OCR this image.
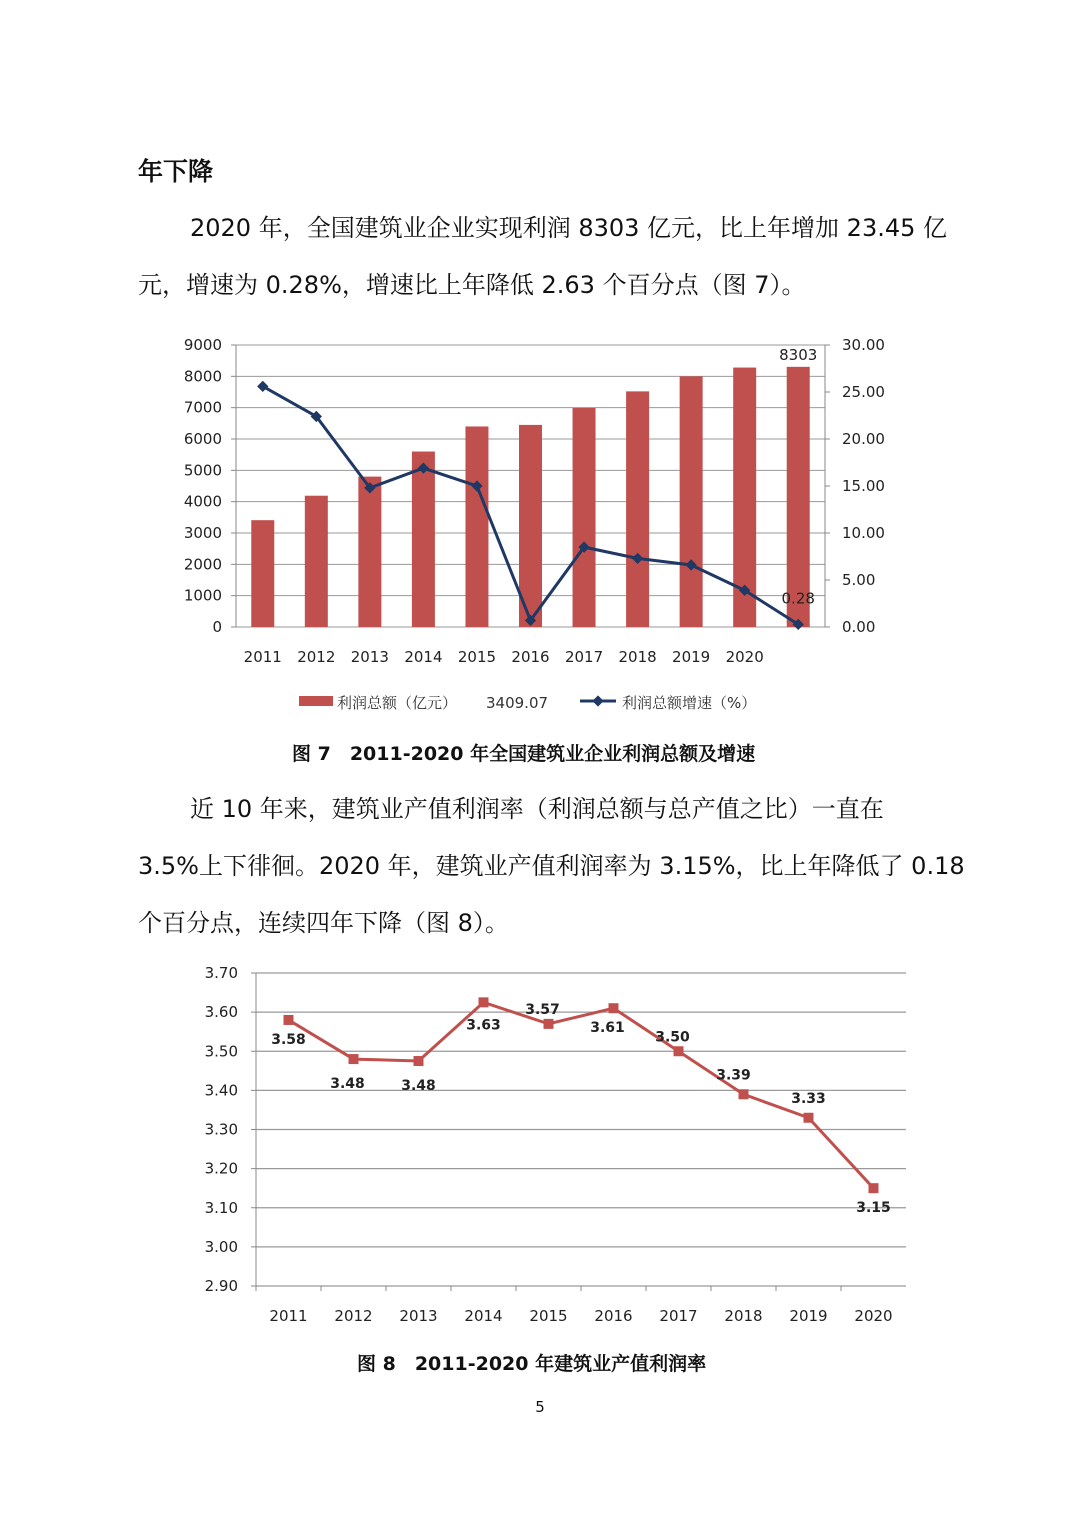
年下降
2020 年，全国建筑业企业实现利润 8303 亿元，比上年增加 23.45 亿
元，增速为 0.28%，增速比上年降低 2.63 个百分点（图 7）。
0
1000
2000
3000
4000
5000
6000
7000
8000
9000
0.00
5.00
10.00
15.00
20.00
25.00
30.00
2011 2012 2013 2014 2015 2016 2017 2018 2019 2020
8303
0.28
利润总额（亿元） 3409.07	利润总额增速（%）
图 7　2011-2020 年全国建筑业企业利润总额及增速
近 10 年来，建筑业产值利润率（利润总额与总产值之比）一直在
3.5%上下徘徊。2020 年，建筑业产值利润率为 3.15%，比上年降低了 0.18
个百分点，连续四年下降（图 8）。
2.90
3.00
3.10
3.20
3.30
3.40
3.50
3.60
3.70
2011 2012 2013 2014 2015 2016 2017 2018 2019 2020
3.58
3.48	3.48
3.63
3.57
3.61
3.50
3.39
3.33
3.15
图 8　2011-2020 年建筑业产值利润率
5
